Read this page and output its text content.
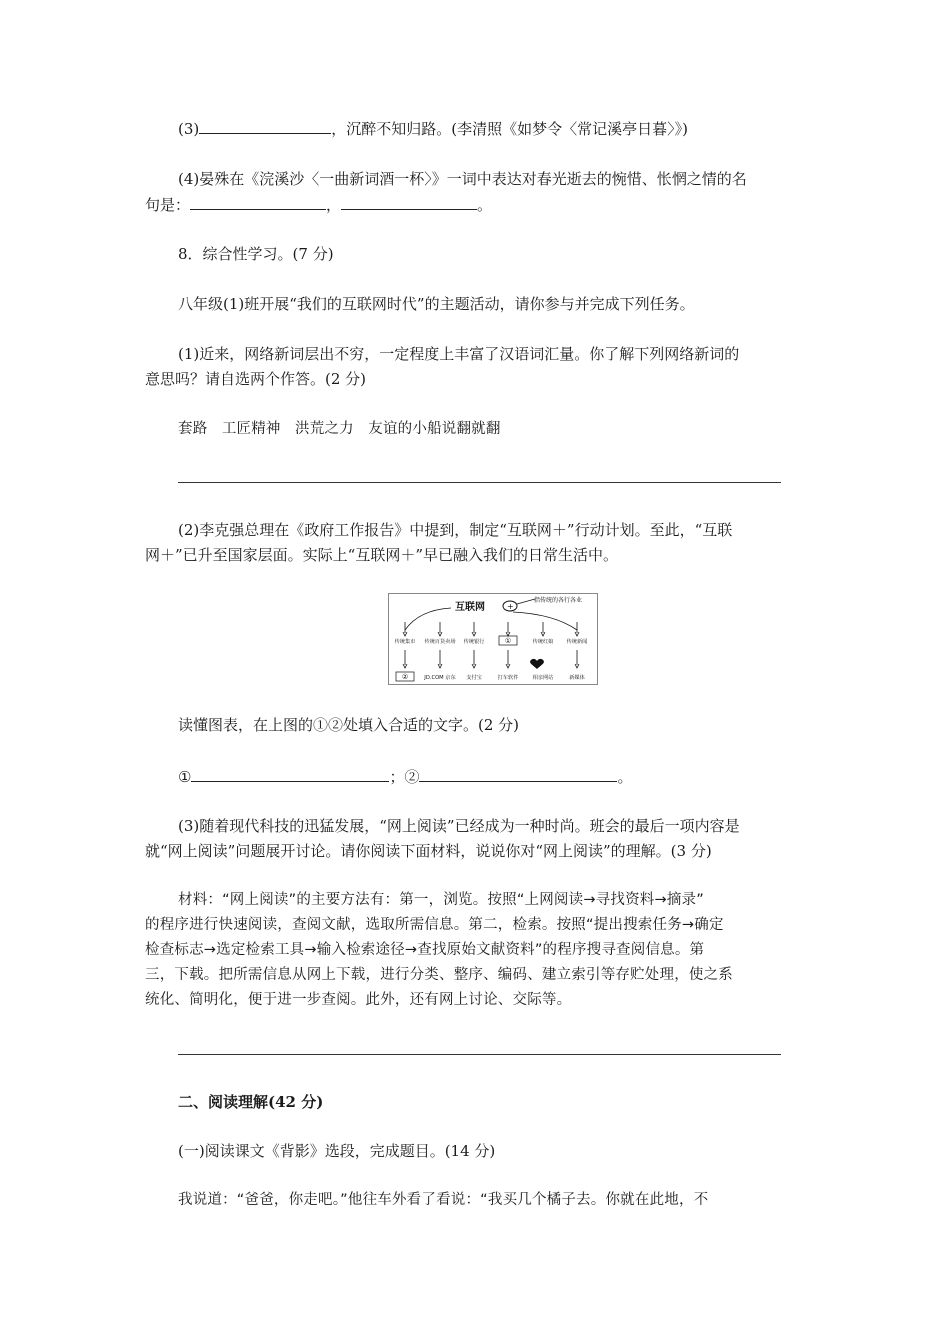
(3)	，沉醉不知归路。(李清照《如梦令〈常记溪亭日暮〉》)
(4)晏殊在《浣溪沙〈一曲新词酒一杯〉》一词中表达对春光逝去的惋惜、怅惘之情的名
句是：	，	。
8．综合性学习。(7 分)
八年级(1)班开展“我们的互联网时代”的主题活动，请你参与并完成下列任务。
(1)近来，网络新词层出不穷，一定程度上丰富了汉语词汇量。你了解下列网络新词的
意思吗？请自选两个作答。(2 分)
套路   工匠精神   洪荒之力   友谊的小船说翻就翻
(2)李克强总理在《政府工作报告》中提到，制定“互联网＋”行动计划。至此，“互联
网＋”已升至国家层面。实际上“互联网＋”早已融入我们的日常生活中。
互联网	+
指传统的各行各业
传统集市 传统百货卖场 传统银行	①	传统红娘	传统新闻
②	JD.COM 京东 支付宝	打车软件	相亲网站	新媒体
读懂图表，在上图的①②处填入合适的文字。(2 分)
①	；②	。
(3)随着现代科技的迅猛发展，“网上阅读”已经成为一种时尚。班会的最后一项内容是
就“网上阅读”问题展开讨论。请你阅读下面材料，说说你对“网上阅读”的理解。(3 分)
材料：“网上阅读”的主要方法有：第一，浏览。按照“上网阅读→寻找资料→摘录”
的程序进行快速阅读，查阅文献，选取所需信息。第二，检索。按照“提出搜索任务→确定
检查标志→选定检索工具→输入检索途径→查找原始文献资料”的程序搜寻查阅信息。第
三，下载。把所需信息从网上下载，进行分类、整序、编码、建立索引等存贮处理，使之系
统化、简明化，便于进一步查阅。此外，还有网上讨论、交际等。
二、阅读理解(42 分)
(一)阅读课文《背影》选段，完成题目。(14 分)
我说道：“爸爸，你走吧。”他往车外看了看说：“我买几个橘子去。你就在此地，不
